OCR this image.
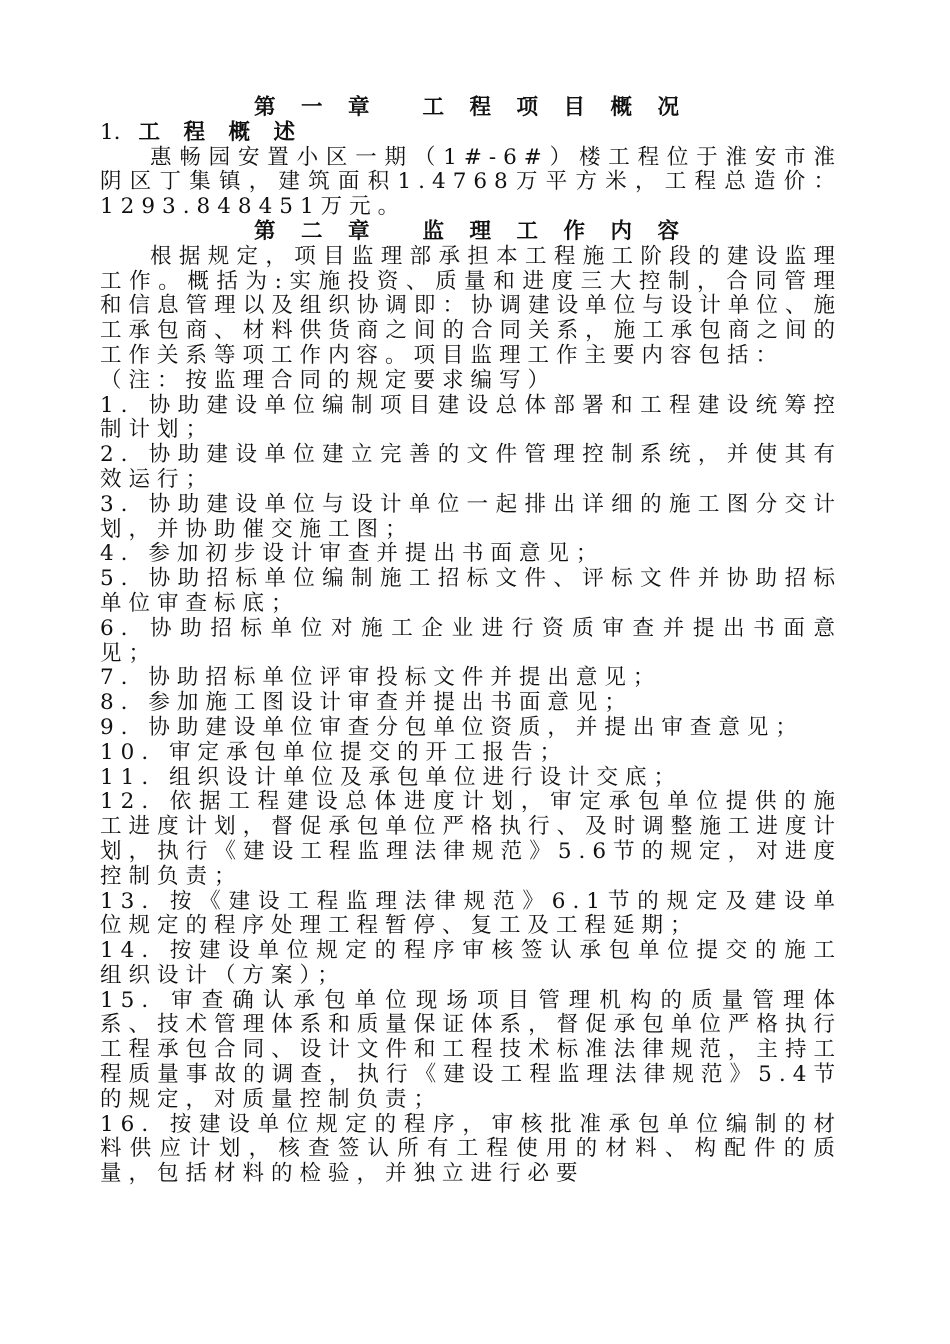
第 一 章 工 程 项 目 概 况

1. 工 程 概 述

惠畅园安置小区一期（1#-6#）楼工程位于淮安市淮阴区丁集镇，建筑面积1.4768万平方米，工程总造价：1293.848451万元。

第 二 章 监 理 工 作 内 容

根据规定，项目监理部承担本工程施工阶段的建设监理工作。概括为:实施投资、质量和进度三大控制，合同管理和信息管理以及组织协调即：协调建设单位与设计单位、施工承包商、材料供货商之间的合同关系，施工承包商之间的工作关系等项工作内容。项目监理工作主要内容包括：

（注：按监理合同的规定要求编写）

1. 协助建设单位编制项目建设总体部署和工程建设统筹控制计划；

2. 协助建设单位建立完善的文件管理控制系统，并使其有效运行；

3. 协助建设单位与设计单位一起排出详细的施工图分交计划，并协助催交施工图；

4. 参加初步设计审查并提出书面意见；

5. 协助招标单位编制施工招标文件、评标文件并协助招标单位审查标底；

6. 协助招标单位对施工企业进行资质审查并提出书面意见；

7. 协助招标单位评审投标文件并提出意见；

8. 参加施工图设计审查并提出书面意见；

9. 协助建设单位审查分包单位资质，并提出审查意见；

10. 审定承包单位提交的开工报告；

11. 组织设计单位及承包单位进行设计交底；

12. 依据工程建设总体进度计划，审定承包单位提供的施工进度计划，督促承包单位严格执行、及时调整施工进度计划，执行《建设工程监理法律规范》5.6节的规定，对进度控制负责；

13. 按《建设工程监理法律规范》6.1节的规定及建设单位规定的程序处理工程暂停、复工及工程延期；

14. 按建设单位规定的程序审核签认承包单位提交的施工组织设计（方案）；

15. 审查确认承包单位现场项目管理机构的质量管理体系、技术管理体系和质量保证体系，督促承包单位严格执行工程承包合同、设计文件和工程技术标准法律规范，主持工程质量事故的调查，执行《建设工程监理法律规范》5.4节的规定，对质量控制负责；

16. 按建设单位规定的程序，审核批准承包单位编制的材料供应计划，核查签认所有工程使用的材料、构配件的质量，包括材料的检验，并独立进行必要
